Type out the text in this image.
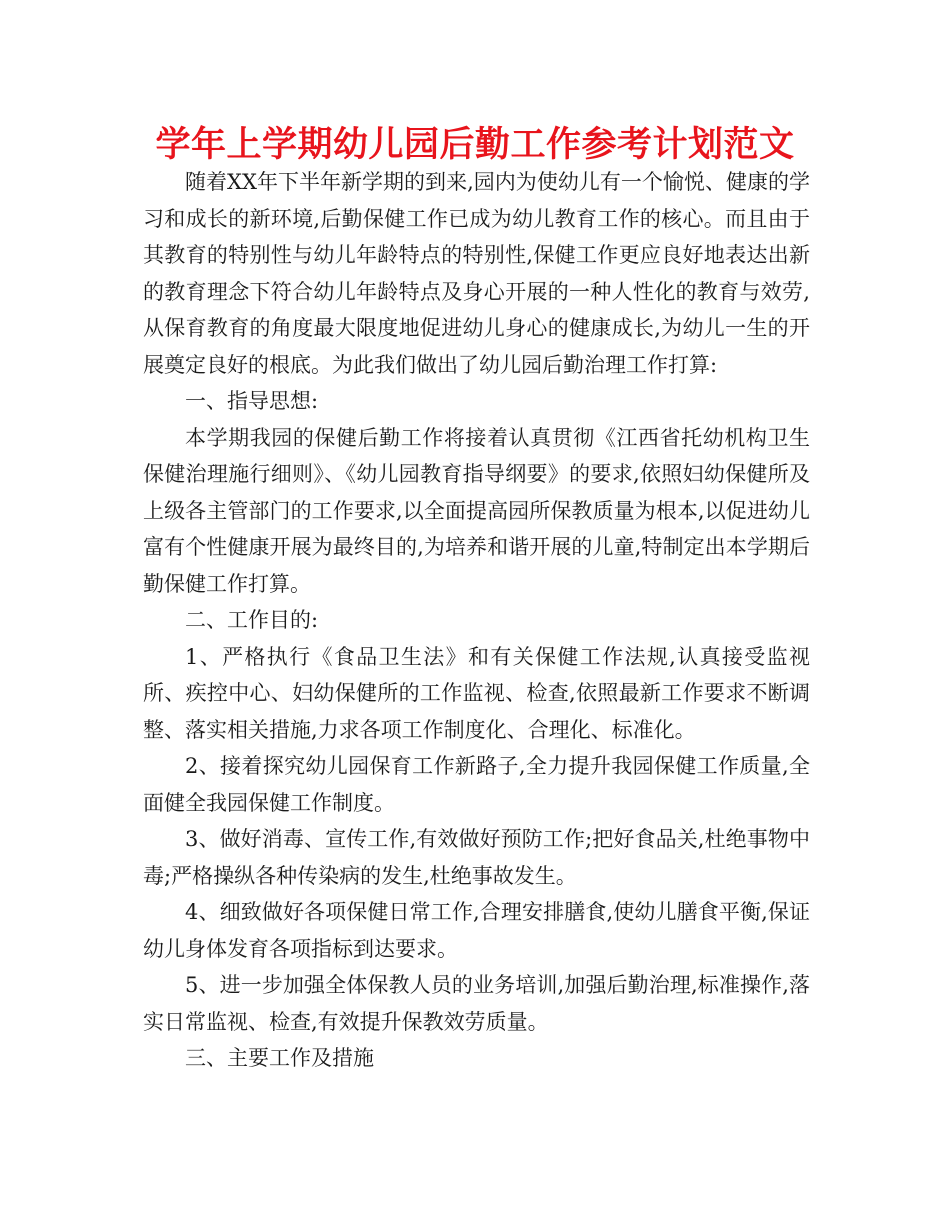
学年上学期幼儿园后勤工作参考计划范文

随着XX年下半年新学期的到来,园内为使幼儿有一个愉悦、健康的学习和成长的新环境,后勤保健工作已成为幼儿教育工作的核心。而且由于其教育的特别性与幼儿年龄特点的特别性,保健工作更应良好地表达出新的教育理念下符合幼儿年龄特点及身心开展的一种人性化的教育与效劳,从保育教育的角度最大限度地促进幼儿身心的健康成长,为幼儿一生的开展奠定良好的根底。为此我们做出了幼儿园后勤治理工作打算:

一、指导思想:

本学期我园的保健后勤工作将接着认真贯彻《江西省托幼机构卫生保健治理施行细则》、《幼儿园教育指导纲要》的要求,依照妇幼保健所及上级各主管部门的工作要求,以全面提高园所保教质量为根本,以促进幼儿富有个性健康开展为最终目的,为培养和谐开展的儿童,特制定出本学期后勤保健工作打算。

二、工作目的:

1、严格执行《食品卫生法》和有关保健工作法规,认真接受监视所、疾控中心、妇幼保健所的工作监视、检查,依照最新工作要求不断调整、落实相关措施,力求各项工作制度化、合理化、标准化。

2、接着探究幼儿园保育工作新路子,全力提升我园保健工作质量,全面健全我园保健工作制度。

3、做好消毒、宣传工作,有效做好预防工作;把好食品关,杜绝事物中毒;严格操纵各种传染病的发生,杜绝事故发生。

4、细致做好各项保健日常工作,合理安排膳食,使幼儿膳食平衡,保证幼儿身体发育各项指标到达要求。

5、进一步加强全体保教人员的业务培训,加强后勤治理,标准操作,落实日常监视、检查,有效提升保教效劳质量。

三、主要工作及措施
